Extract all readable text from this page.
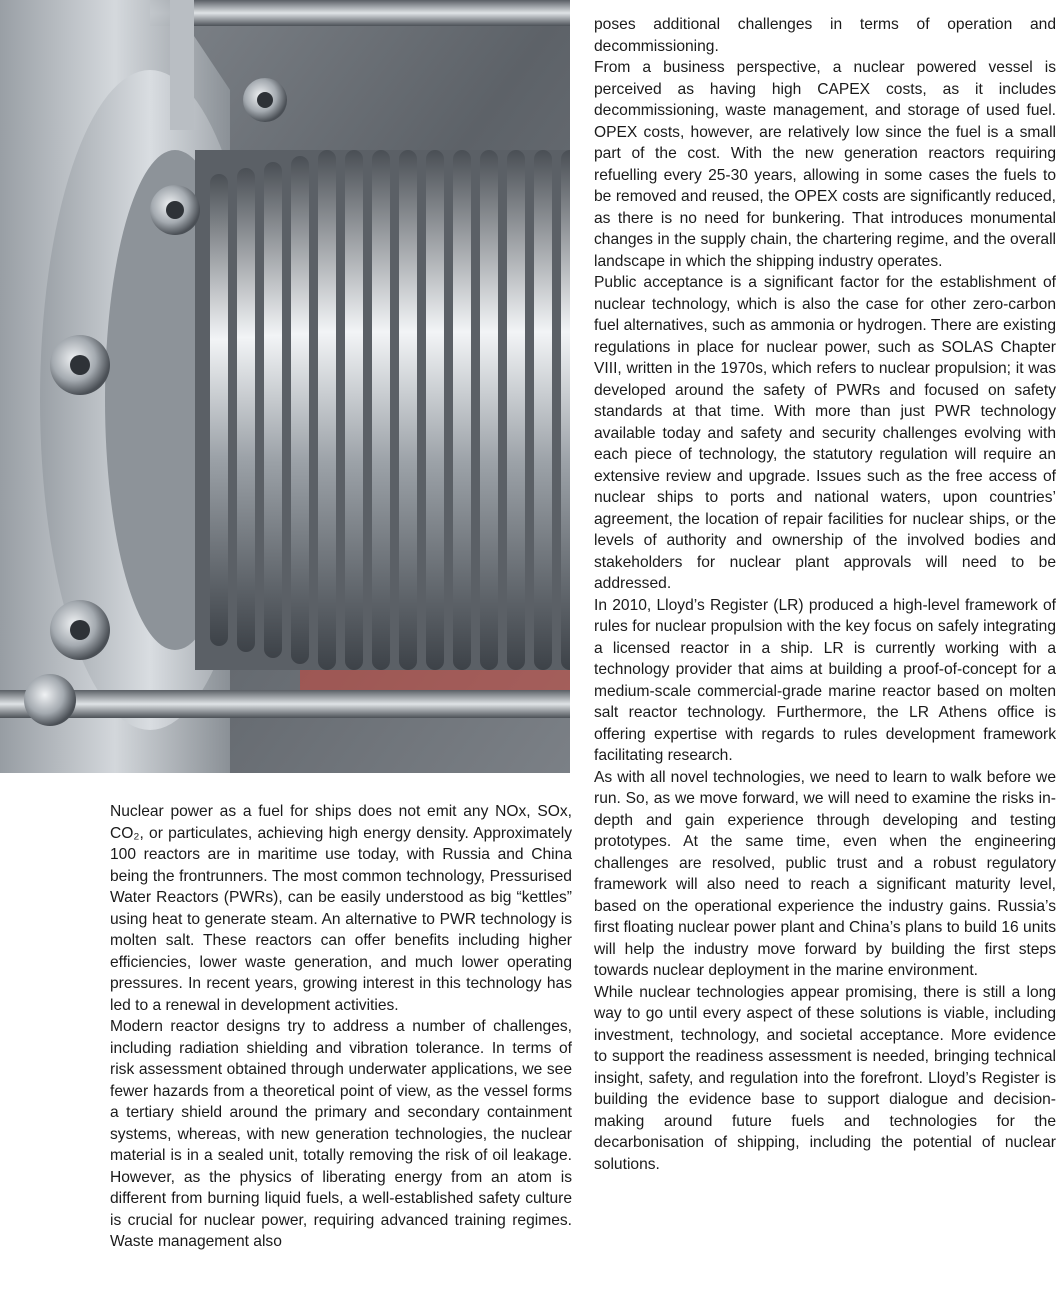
Nuclear power as a fuel for ships does not emit any NOx, SOx, CO₂, or particulates, achieving high energy density. Approximately 100 reactors are in maritime use today, with Russia and China being the frontrunners. The most common technology, Pressurised Water Reactors (PWRs), can be easily understood as big “kettles” using heat to generate steam. An alternative to PWR technology is molten salt. These reactors can offer benefits including higher efficiencies, lower waste generation, and much lower operating pressures. In recent years, growing interest in this technology has led to a renewal in development activities.

Modern reactor designs try to address a number of challenges, including radiation shielding and vibration tolerance. In terms of risk assessment obtained through underwater applications, we see fewer hazards from a theoretical point of view, as the vessel forms a tertiary shield around the primary and secondary containment systems, whereas, with new generation technologies, the nuclear material is in a sealed unit, totally removing the risk of oil leakage. However, as the physics of liberating energy from an atom is different from burning liquid fuels, a well-established safety culture is crucial for nuclear power, requiring advanced training regimes. Waste management also

poses additional challenges in terms of operation and decommissioning.

From a business perspective, a nuclear powered vessel is perceived as having high CAPEX costs, as it includes decommissioning, waste management, and storage of used fuel. OPEX costs, however, are relatively low since the fuel is a small part of the cost. With the new generation reactors requiring refuelling every 25-30 years, allowing in some cases the fuels to be removed and reused, the OPEX costs are significantly reduced, as there is no need for bunkering. That introduces monumental changes in the supply chain, the chartering regime, and the overall landscape in which the shipping industry operates.

Public acceptance is a significant factor for the establishment of nuclear technology, which is also the case for other zero-carbon fuel alternatives, such as ammonia or hydrogen. There are existing regulations in place for nuclear power, such as SOLAS Chapter VIII, written in the 1970s, which refers to nuclear propulsion; it was developed around the safety of PWRs and focused on safety standards at that time. With more than just PWR technology available today and safety and security challenges evolving with each piece of technology, the statutory regulation will require an extensive review and upgrade. Issues such as the free access of nuclear ships to ports and national waters, upon countries’ agreement, the location of repair facilities for nuclear ships, or the levels of authority and ownership of the involved bodies and stakeholders for nuclear plant approvals will need to be addressed.

In 2010, Lloyd’s Register (LR) produced a high-level framework of rules for nuclear propulsion with the key focus on safely integrating a licensed reactor in a ship. LR is currently working with a technology provider that aims at building a proof-of-concept for a medium-scale commercial-grade marine reactor based on molten salt reactor technology. Furthermore, the LR Athens office is offering expertise with regards to rules development framework facilitating research.

As with all novel technologies, we need to learn to walk before we run. So, as we move forward, we will need to examine the risks in-depth and gain experience through developing and testing prototypes. At the same time, even when the engineering challenges are resolved, public trust and a robust regulatory framework will also need to reach a significant maturity level, based on the operational experience the industry gains. Russia’s first floating nuclear power plant and China’s plans to build 16 units will help the industry move forward by building the first steps towards nuclear deployment in the marine environment.

While nuclear technologies appear promising, there is still a long way to go until every aspect of these solutions is viable, including investment, technology, and societal acceptance. More evidence to support the readiness assessment is needed, bringing technical insight, safety, and regulation into the forefront. Lloyd’s Register is building the evidence base to support dialogue and decision-making around future fuels and technologies for the decarbonisation of shipping, including the potential of nuclear solutions.
